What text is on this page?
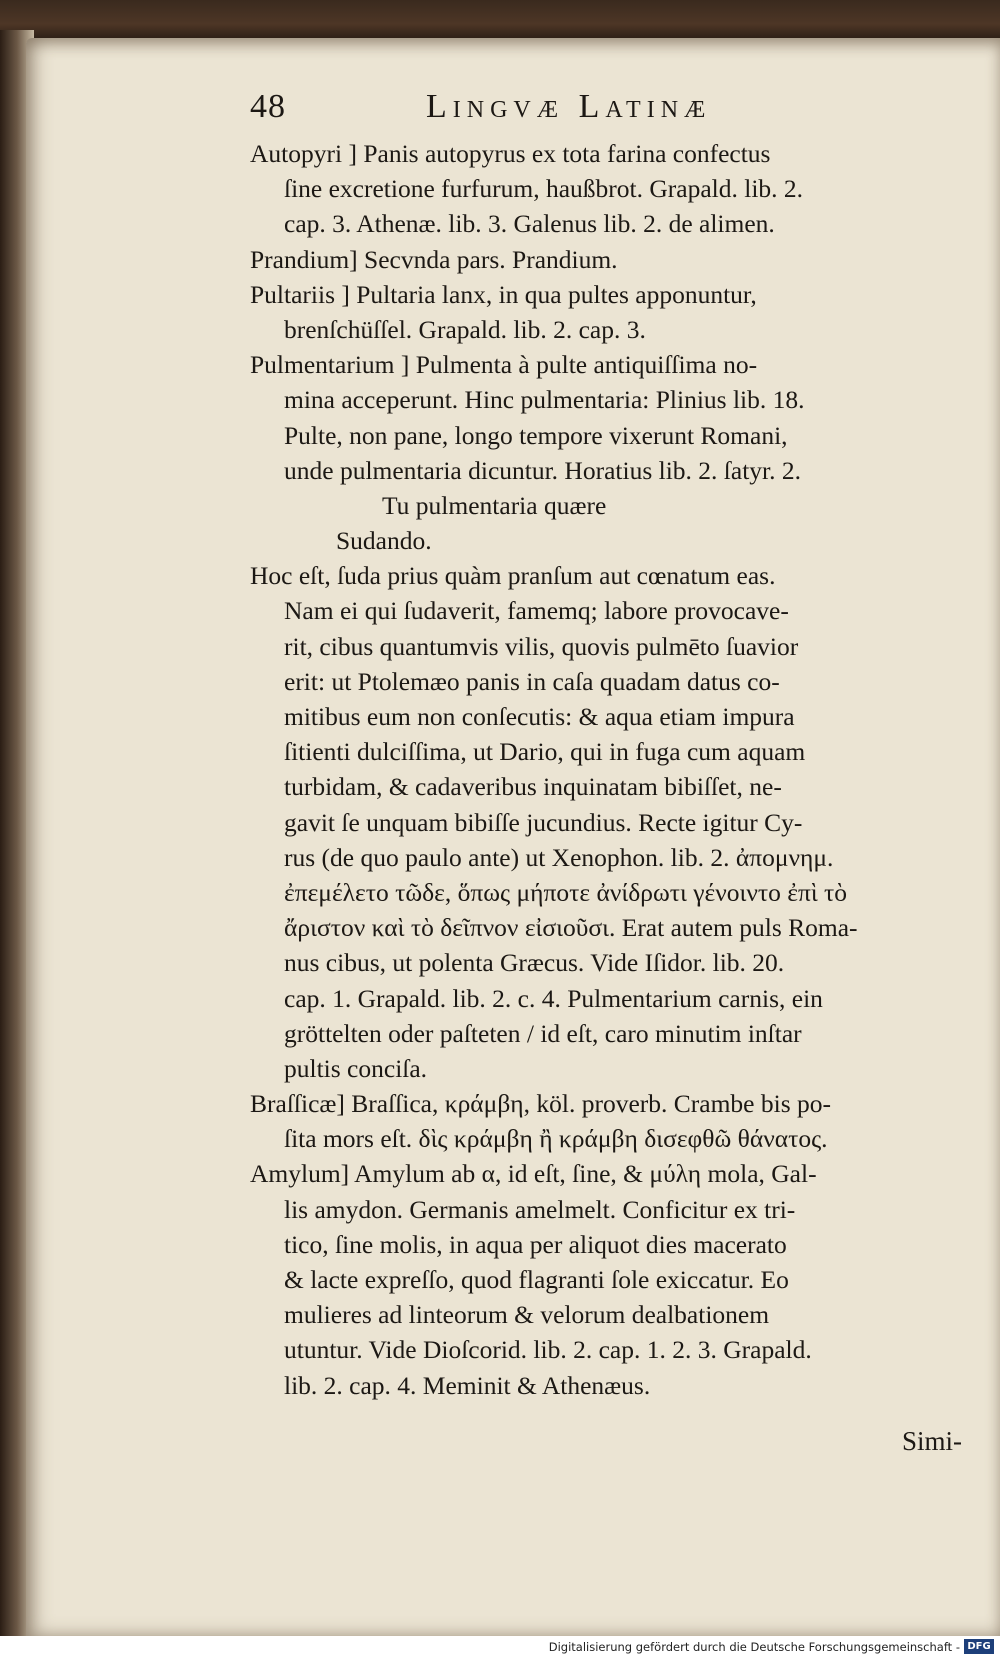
48	Lingvæ Latinæ
Autopyri ] Panis autopyrus ex tota farina confectus
ſine excretione furfurum, haußbrot. Grapald. lib. 2.
cap. 3. Athenæ. lib. 3. Galenus lib. 2. de alimen.
Prandium] Secvnda pars. Prandium.
Pultariis ] Pultaria lanx, in qua pultes apponuntur,
brenſchüſſel. Grapald. lib. 2. cap. 3.
Pulmentarium ] Pulmenta à pulte antiquiſſima no-
mina acceperunt. Hinc pulmentaria: Plinius lib. 18.
Pulte, non pane, longo tempore vixerunt Romani,
unde pulmentaria dicuntur. Horatius lib. 2. ſatyr. 2.
Tu pulmentaria quære
Sudando.
Hoc eſt, ſuda prius quàm pranſum aut cœnatum eas.
Nam ei qui ſudaverit, famemq; labore provocave-
rit, cibus quantumvis vilis, quovis pulmēto ſuavior
erit: ut Ptolemæo panis in caſa quadam datus co-
mitibus eum non conſecutis: & aqua etiam impura
ſitienti dulciſſima, ut Dario, qui in fuga cum aquam
turbidam, & cadaveribus inquinatam bibiſſet, ne-
gavit ſe unquam bibiſſe jucundius. Recte igitur Cy-
rus (de quo paulo ante) ut Xenophon. lib. 2. ἀπομνημ.
ἐπεμέλετο τῶδε, ὅπως μήποτε ἀνίδρωτι γένοιντο ἐπὶ τὸ
ἄριστον καὶ τὸ δεῖπνον εἰσιοῦσι. Erat autem puls Roma-
nus cibus, ut polenta Græcus. Vide Iſidor. lib. 20.
cap. 1. Grapald. lib. 2. c. 4. Pulmentarium carnis, ein
gröttelten oder paſteten / id eſt, caro minutim inſtar
pultis conciſa.
Braſſicæ] Braſſica, κράμβη, köl. proverb. Crambe bis po-
ſita mors eſt. δὶς κράμβη ἢ κράμβη δισεφθῶ θάνατος.
Amylum] Amylum ab α, id eſt, ſine, & μύλη mola, Gal-
lis amydon. Germanis amelmelt. Conficitur ex tri-
tico, ſine molis, in aqua per aliquot dies macerato
& lacte expreſſo, quod flagranti ſole exiccatur. Eo
mulieres ad linteorum & velorum dealbationem
utuntur. Vide Dioſcorid. lib. 2. cap. 1. 2. 3. Grapald.
lib. 2. cap. 4. Meminit & Athenæus.
Simi-
Digitalisierung gefördert durch die Deutsche Forschungsgemeinschaft - DFG
